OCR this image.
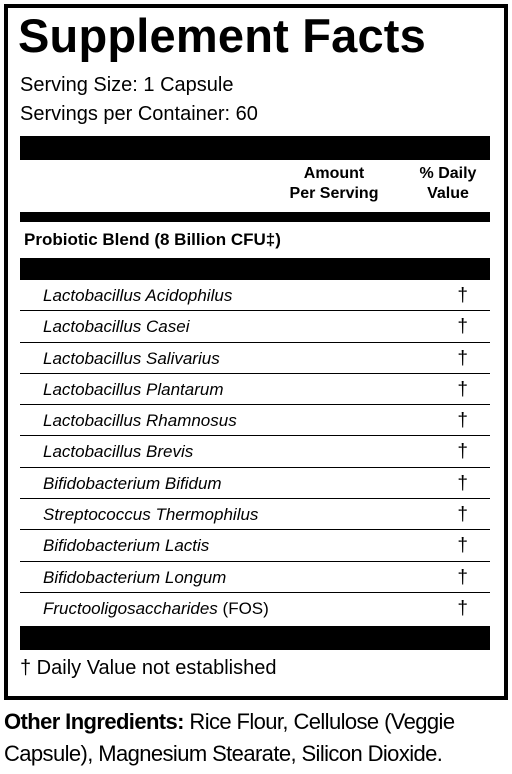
Supplement Facts
Serving Size: 1 Capsule
Servings per Container: 60
Amount
Per Serving
% Daily
Value
Probiotic Blend (8 Billion CFU‡)
Lactobacillus Acidophilus	†
Lactobacillus Casei	†
Lactobacillus Salivarius	†
Lactobacillus Plantarum	†
Lactobacillus Rhamnosus	†
Lactobacillus Brevis	†
Bifidobacterium Bifidum	†
Streptococcus Thermophilus	†
Bifidobacterium Lactis	†
Bifidobacterium Longum	†
Fructooligosaccharides (FOS)	†
† Daily Value not established
Other Ingredients: Rice Flour, Cellulose (Veggie Capsule), Magnesium Stearate, Silicon Dioxide.
